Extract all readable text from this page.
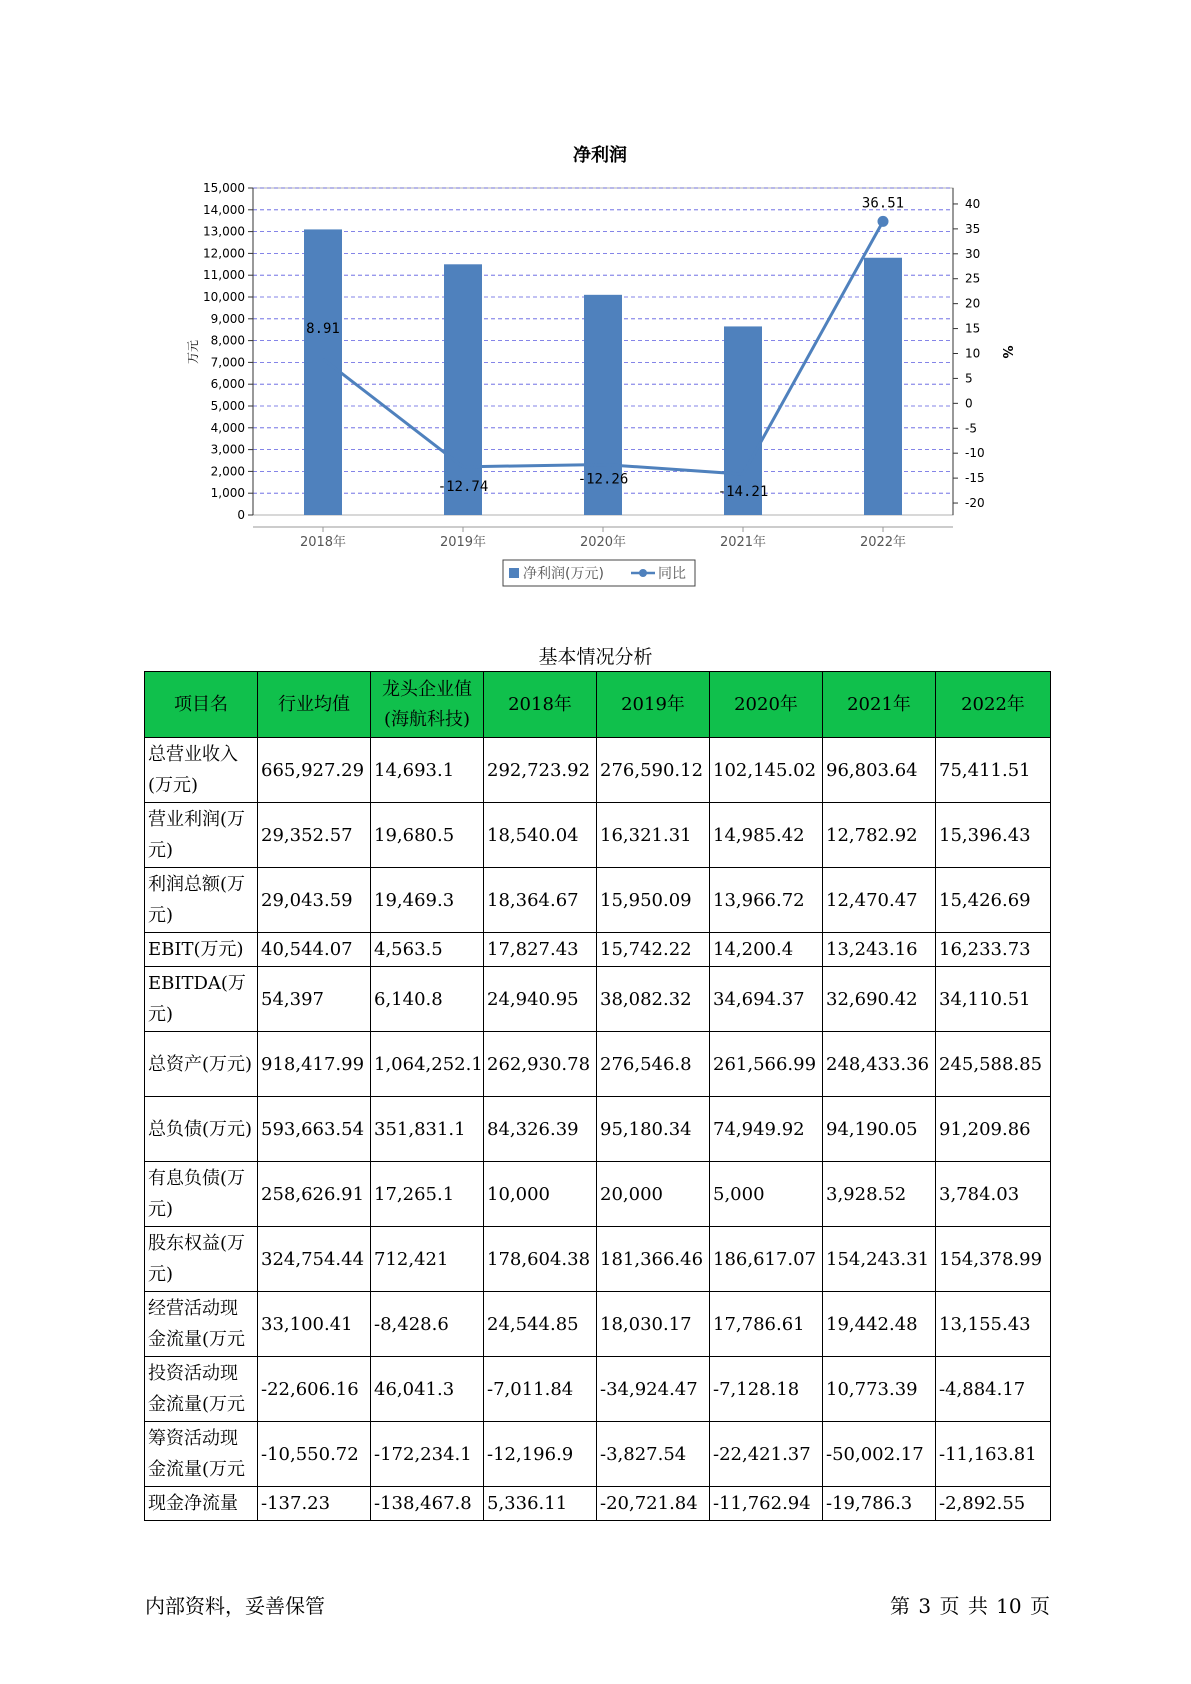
净利润
0
1,000
2,000
3,000
4,000
5,000
6,000
7,000
8,000
9,000
10,000
11,000
12,000
13,000
14,000
15,000
40
35
30
25
20
15
10
5
0
-5
-10
-15
-20
万元	%
2018年	2019年	2020年	2021年	2022年
8.91
-12.74	-12.26
-14.21
36.51
净利润(万元)	同比
基本情况分析
项目名	行业均值	龙头企业值(海航科技)	2018年	2019年	2020年	2021年	2022年
总营业收入(万元)	665,927.29	14,693.1	292,723.92	276,590.12	102,145.02	96,803.64	75,411.51
营业利润(万元)	29,352.57	19,680.5	18,540.04	16,321.31	14,985.42	12,782.92	15,396.43
利润总额(万元)	29,043.59	19,469.3	18,364.67	15,950.09	13,966.72	12,470.47	15,426.69
EBIT(万元)	40,544.07	4,563.5	17,827.43	15,742.22	14,200.4	13,243.16	16,233.73
EBITDA(万元)	54,397	6,140.8	24,940.95	38,082.32	34,694.37	32,690.42	34,110.51
总资产(万元)	918,417.99	1,064,252.1	262,930.78	276,546.8	261,566.99	248,433.36	245,588.85
总负债(万元)	593,663.54	351,831.1	84,326.39	95,180.34	74,949.92	94,190.05	91,209.86
有息负债(万元)	258,626.91	17,265.1	10,000	20,000	5,000	3,928.52	3,784.03
股东权益(万元)	324,754.44	712,421	178,604.38	181,366.46	186,617.07	154,243.31	154,378.99
经营活动现金流量(万元	33,100.41	-8,428.6	24,544.85	18,030.17	17,786.61	19,442.48	13,155.43
投资活动现金流量(万元	-22,606.16	46,041.3	-7,011.84	-34,924.47	-7,128.18	10,773.39	-4,884.17
筹资活动现金流量(万元	-10,550.72	-172,234.1	-12,196.9	-3,827.54	-22,421.37	-50,002.17	-11,163.81
现金净流量	-137.23	-138,467.8	5,336.11	-20,721.84	-11,762.94	-19,786.3	-2,892.55
内部资料，妥善保管	第 3 页 共 10 页
